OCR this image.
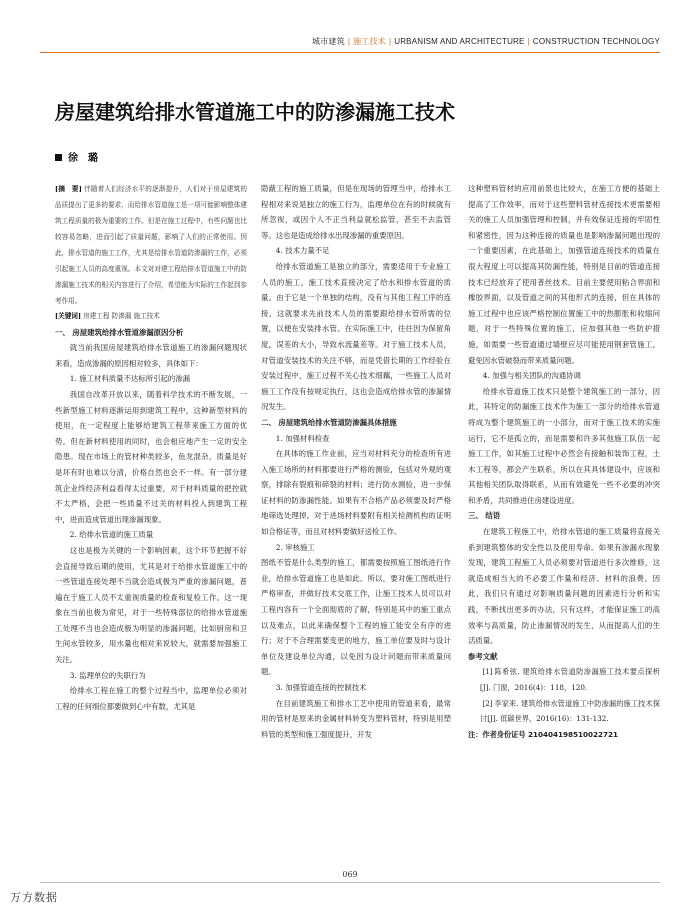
城市建筑 | 施工技术 | URBANISM AND ARCHITECTURE | CONSTRUCTION TECHNOLOGY
房屋建筑给排水管道施工中的防渗漏施工技术
徐　璐

[摘　要] 伴随着人们经济水平的逐渐提升，人们对于房屋建筑的品质提出了更多的要求，而给排水管道施工是一项可能影响整体建筑工程质量的极为重要的工作。但是在施工过程中，有些问题也比较容易忽略，进而引起了质量问题，影响了人们的正常使用。因此，排水管道的施工工作，尤其是给排水管道防渗漏的工作，必须引起施工人员的高度重视。本文对对建工程给排水管道施工中的防渗漏施工技术的相关内容进行了介绍，希望能为实际的工作起到参考作用。

[关键词] 房建工程 防渗漏 施工技术

一、 房屋建筑给排水管道渗漏原因分析

就当前我国房屋建筑给排水管道施工的渗漏问题现状来看，造成渗漏的原因相对较多，具体如下：

1. 施工材料质量不达标所引起的渗漏

我国自改革开放以来，随着科学技术的不断发展，一些新型施工材料逐渐运用到建筑工程中，这种新型材料的使用，在一定程度上能够给建筑工程带来施工方面的优势。但在新材料使用的同时，也会相应地产生一定的安全隐患。现在市场上的管材种类较多，鱼龙混杂，质量是好是坏有时也难以分清，价格自然也会不一样。有一部分建筑企业终经济利益看得太过重要，对于材料质量的把控就不太严格，会把一些质量不过关的材料投入到建筑工程中，进而造成管道出现渗漏现象。

2. 给排水管道的施工质量

这也是极为关键的一个影响因素，这个环节把握不好会直接导致后期的使用，尤其是对于给排水管道施工中的一些管道连接处理不当就会造成极为严重的渗漏问题，普遍在于施工人员不太重视质量的检查和复检工作。这一现象在当前也极为常见，对于一些特殊部位的给排水管道施工处理不当也会造成极为明显的渗漏问题，比如厨房和卫生间水管较多，用水量也相对来说较大，就需要加强施工关注。

3. 监理单位的失职行为

给排水工程在施工的整个过程当中，监理单位必须对工程的任何细位都要做到心中有数，尤其是

隐蔽工程的施工质量，但是在现场的管理当中，给排水工程相对来说是独立的施工行为，监理单位在有的时候就有所忽视，或因个人不正当利益就松监管，甚至不去监管等。这也是造成给排水出现渗漏的重要原因。

4. 技术力量不足

给排水管道施工是独立的部分，需要适用于专业施工人员的施工，施工技术直接决定了给水和排水管道的质量。由于它是一个单独的结构，没有与其他工程工序的连接，这就要求先前技术人员的需要跟给排水管所需的位置，以便在安装排水管。在实际施工中，往往因为保留角度，误差的大小，导致水流量差等。对于施工技术人员，对管道安装技术的关注不够，而是凭借长期的工作经验在安装过程中，施工过程不关心技术细藕，一些施工人员对施工工作没有按规定执行，这也会造成给排水管的渗漏情况发生。

二、 房屋建筑给排水管道防渗漏具体措施

1. 加强材料检查

在具体的施工作业前，应当对材料充分的检查所有进入施工场所的材料都要进行严格的测验，包括对外观的观察，排除有裂痕和碎裂的材料；进行防水测验，进一步保证材料的防渗漏性能。如果有不合格产品必须要及时严格地筛选处理掉。对于进场材料要附有相关检测机构的证明如合格证等，而且对材料要做好送检工作。

2. 审核施工

图纸不管是什么类型的施工，都需要按照施工图纸进行作业，给排水管道施工也是如此。所以，要对施工图纸进行严格审查，并做好技术交底工作，让施工技术人员可以对工程内容有一个全面彻底的了解，特别是其中的施工重点以及难点，以此来确保整个工程的施工能安全有序的进行；对于不合理需要变更的地方，施工单位要及时与设计单位及建设单位沟通，以免因为设计问题而带来质量问题。

3. 加强管道连接的控制技术

在目前建筑施工和排水工艺中使用的管道来看，最常用的管材是原来的金属材料转变为塑料管材，特别是用塑料管的类型和施工强度提升，开发

这种塑料管材的应用前景也比较大，在施工方便的基础上提高了工作效率，而对于这些塑料管材连接技术更需要相关的施工人员加强管理和控制，并有效保证连接的牢固性和紧密性，因为这种连接的质量也是影响渗漏问题出现的一个重要因素，在此基础上，加强管道连接技术的质量在很大程度上可以提高其防漏性能，特别是目前的管道连接技术已经放弃了使用普丝技术。目前主要使用粘合界面和橡胶界面，以及管道之间的其他形式的连接，但在具体的施工过程中也应该严格控制位置施工中的热膨胀和收缩问题，对于一些特殊位置的施工，应加强其他一些防护措施，如需要一些管道通过墙壁应尽可能使用钢套管施工，避免因水管破裂而带来质量问题。

4. 加强与相关团队的沟通协调

给排水管道施工技术只是整个建筑施工的一部分，因此，其特定的防漏施工技术作为施工一部分的给排水管道将成为整个建筑施工的一小部分，而对于施工技术的实施运行，它不是孤立的，而是需要和许多其他施工队伍一起施工工作，如其施工过程中必然会有接触和装饰工程，土木工程等，都会产生联系，所以在其具体建设中，应该和其他相关团队取得联系，从而有效避免一些不必要的冲突和矛盾，共同推进住房建设进度。

三、 结语

在建筑工程施工中，给排水管道的施工质量将直接关系到建筑整体的安全性以及使用寿命。如果有渗漏水现象发现，建筑工程施工人员必须要对管道进行多次维修，这就造成相当大的不必要工作量和经济、材料的浪费。因此，我们只有通过对影响质量问题的因素进行分析和实践，不断找出更多的办法，只有这样，才能保证施工的高效率与高质量，防止渗漏情况的发生，从而提高人们的生活质量。

参考文献

[1] 陈希弦. 建筑给排水管道防渗漏施工技术要点探析[J]. 门窗，2016(4)：118，120.

[2] 李家来. 建筑给排水管道施工中防渗漏的施工技术探讨[J]. 低碳世界，2016(16)：131-132.

注：作者身份证号 210404198510022721

069
万方数据
